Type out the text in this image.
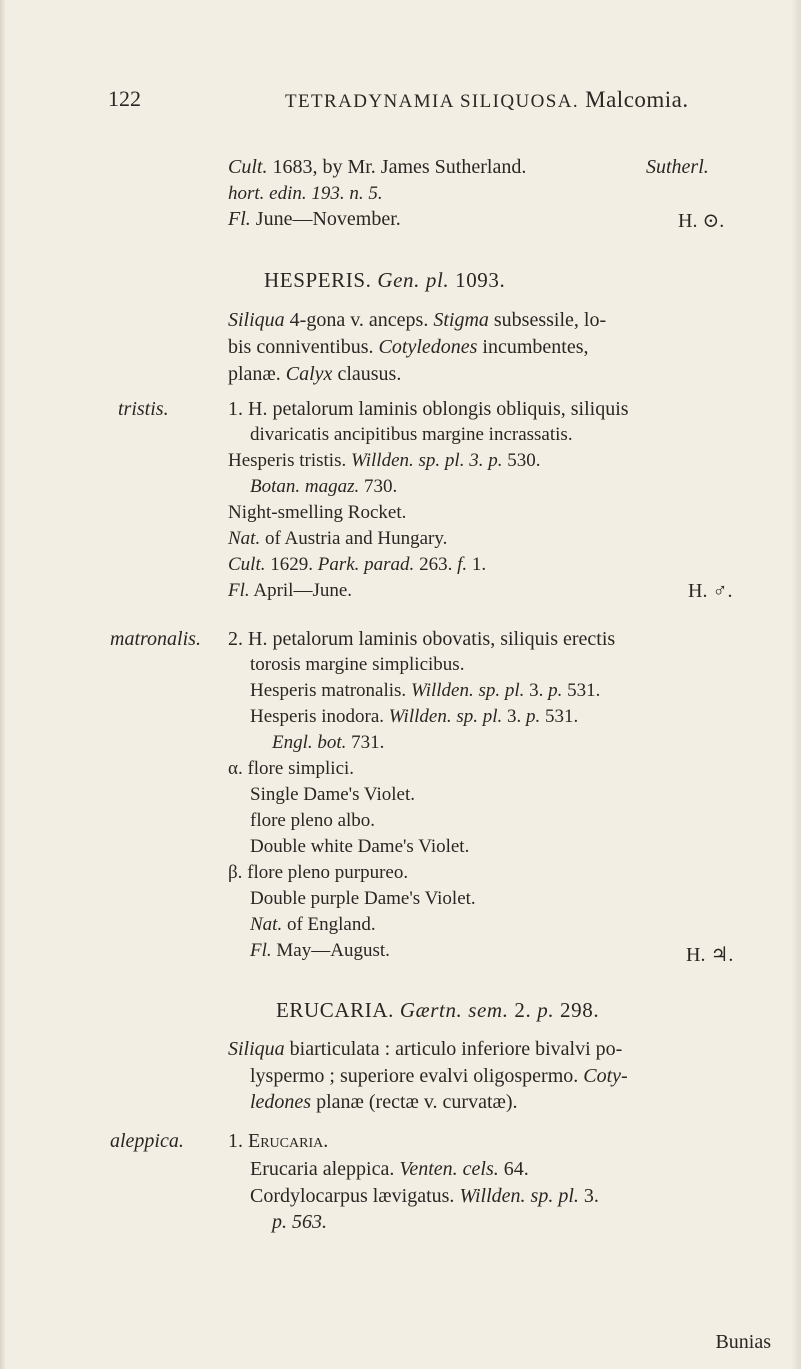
122	TETRADYNAMIA SILIQUOSA. Malcomia.
Cult. 1683, by Mr. James Sutherland.	Sutherl.
hort. edin. 193. n. 5.
Fl. June—November.	H. ⊙.
HESPERIS. Gen. pl. 1093.
Siliqua 4-gona v. anceps. Stigma subsessile, lo-
bis conniventibus. Cotyledones incumbentes,
planæ. Calyx clausus.
tristis.	1. H. petalorum laminis oblongis obliquis, siliquis
divaricatis ancipitibus margine incrassatis.
Hesperis tristis. Willden. sp. pl. 3. p. 530.
Botan. magaz. 730.
Night-smelling Rocket.
Nat. of Austria and Hungary.
Cult. 1629. Park. parad. 263. f. 1.
Fl. April—June.	H. ♂.
matronalis. 2. H. petalorum laminis obovatis, siliquis erectis
torosis margine simplicibus.
Hesperis matronalis. Willden. sp. pl. 3. p. 531.
Hesperis inodora. Willden. sp. pl. 3. p. 531.
Engl. bot. 731.
α. flore simplici.
Single Dame's Violet.
flore pleno albo.
Double white Dame's Violet.
β. flore pleno purpureo.
Double purple Dame's Violet.
Nat. of England.
Fl. May—August.	H. ♃.
ERUCARIA. Gærtn. sem. 2. p. 298.
Siliqua biarticulata : articulo inferiore bivalvi po-
lyspermo ; superiore evalvi oligospermo. Coty-
ledones planæ (rectæ v. curvatæ).
aleppica. 1. Erucaria.
Erucaria aleppica. Venten. cels. 64.
Cordylocarpus lævigatus. Willden. sp. pl. 3.
p. 563.
Bunias
